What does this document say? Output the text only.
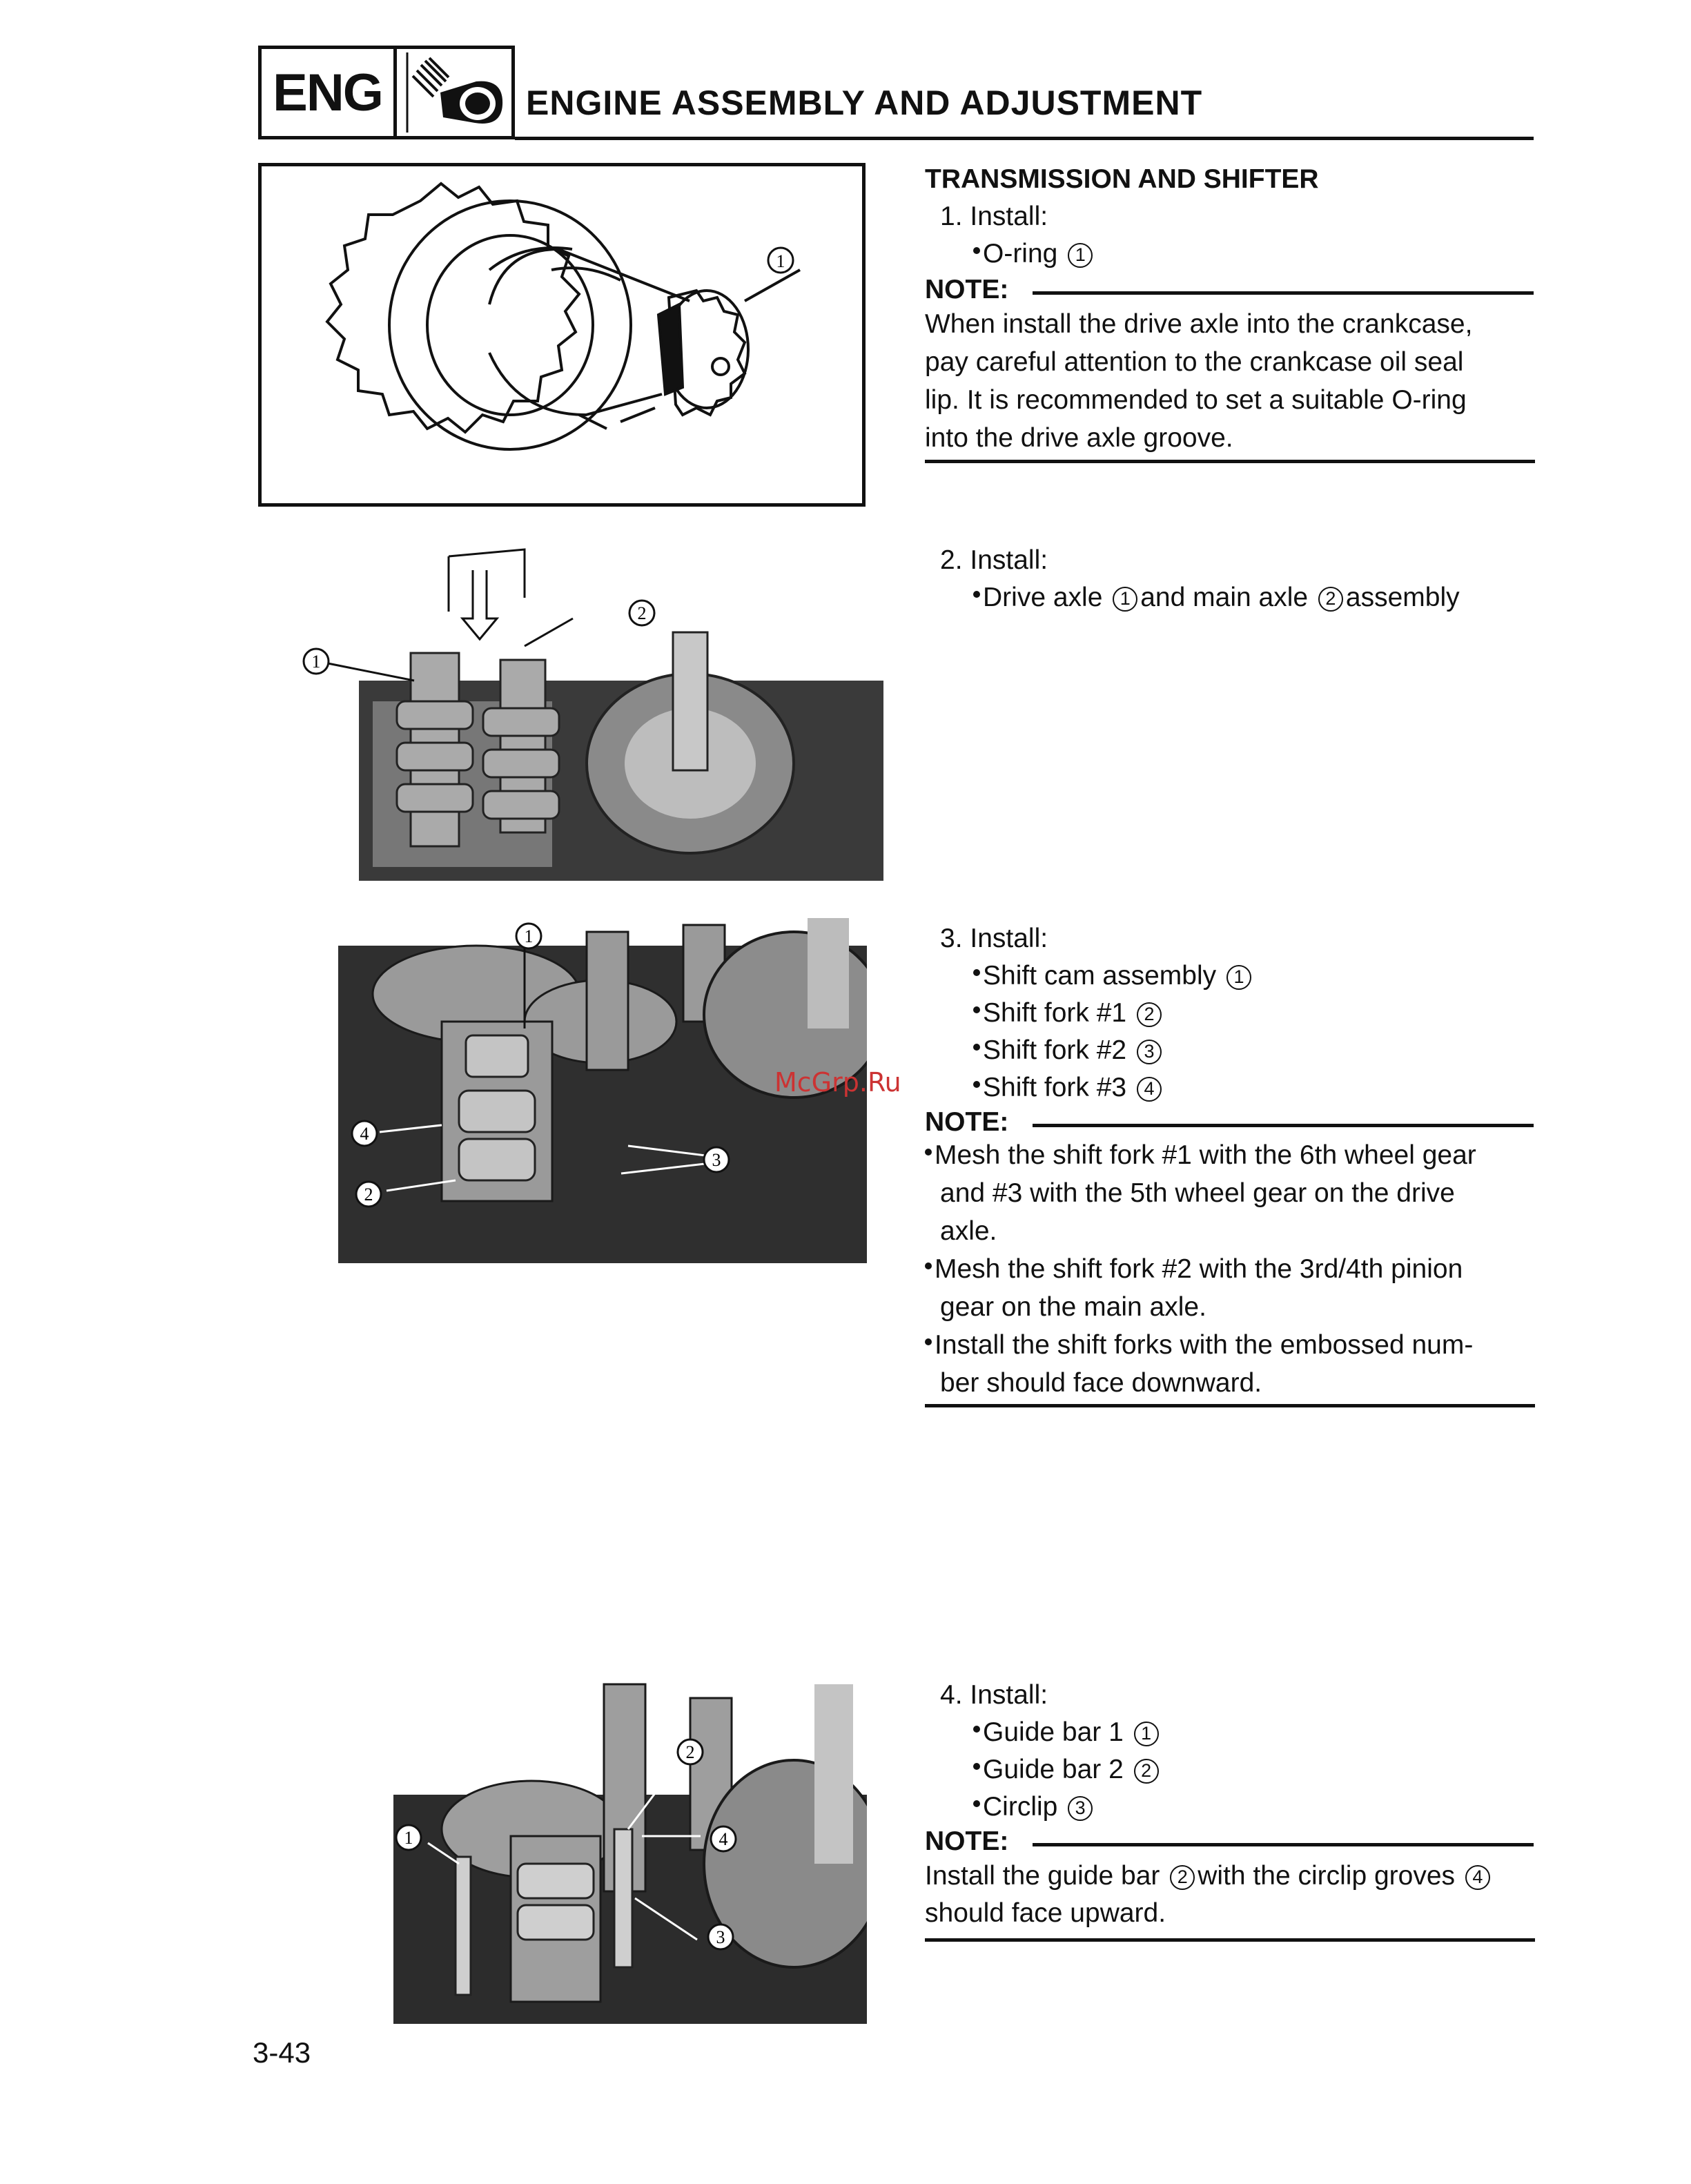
ENG	ENGINE ASSEMBLY AND ADJUSTMENT
1
1
2
1
4
3
2
2
1	4
3
TRANSMISSION AND SHIFTER
1. Install:
O-ring 1
NOTE:
When install the drive axle into the crankcase,
pay careful attention to the crankcase oil seal
lip. It is recommended to set a suitable O-ring
into the drive axle groove.
2. Install:
Drive axle 1 and main axle 2 assembly
3. Install:
Shift cam assembly 1
Shift fork #1 2
Shift fork #2 3
Shift fork #3 4
McGrp.Ru
NOTE:
Mesh the shift fork #1 with the 6th wheel gear
and #3 with the 5th wheel gear on the drive
axle.
Mesh the shift fork #2 with the 3rd/4th pinion
gear on the main axle.
Install the shift forks with the embossed num-
ber should face downward.
4. Install:
Guide bar 1 1
Guide bar 2 2
Circlip 3
NOTE:
Install the guide bar 2 with the circlip groves 4
should face upward.
3-43
